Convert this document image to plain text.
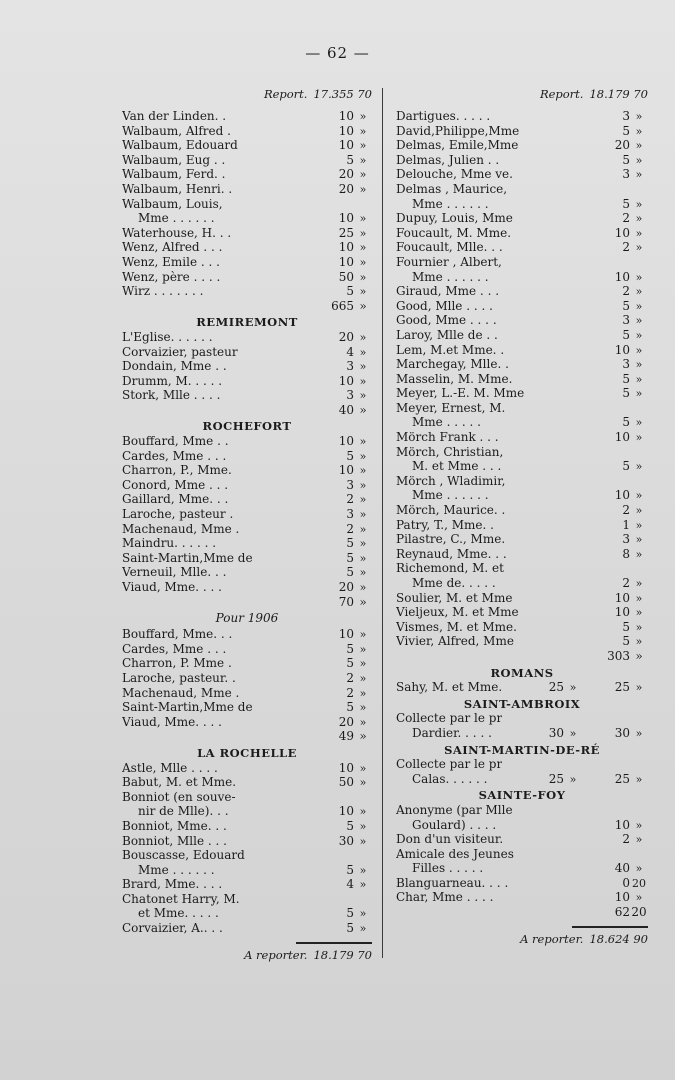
— 62 —
Report. 17.355 70
Van der Linden. .	10 »
Walbaum, Alfred .	10 »
Walbaum, Edouard	10 »
Walbaum, Eug . .	5 »
Walbaum, Ferd. .	20 »
Walbaum, Henri. .	20 »
Walbaum, Louis,
Mme . . . . . .	10 »
Waterhouse, H. . .	25 »
Wenz, Alfred . . .	10 »
Wenz, Emile . . .	10 »
Wenz, père . . . .	50 »
Wirz . . . . . . .	5 »
665 »
REMIREMONT
L'Eglise. . . . . .	20 »
Corvaizier, pasteur	4 »
Dondain, Mme . .	3 »
Drumm, M. . . . .	10 »
Stork, Mlle . . . .	3 »
40 »
ROCHEFORT
Bouffard, Mme . .	10 »
Cardes, Mme . . .	5 »
Charron, P., Mme.	10 »
Conord, Mme . . .	3 »
Gaillard, Mme. . .	2 »
Laroche, pasteur .	3 »
Machenaud, Mme .	2 »
Maindru. . . . . .	5 »
Saint-Martin,Mme de	5 »
Verneuil, Mlle. . .	5 »
Viaud, Mme. . . .	20 »
70 »
Pour 1906
Bouffard, Mme. . .	10 »
Cardes, Mme . . .	5 »
Charron, P. Mme .	5 »
Laroche, pasteur. .	2 »
Machenaud, Mme .	2 »
Saint-Martin,Mme de	5 »
Viaud, Mme. . . .	20 »
49 »
LA ROCHELLE
Astle, Mlle . . . .	10 »
Babut, M. et Mme.	50 »
Bonniot (en souve-
nir de Mlle). . .	10 »
Bonniot, Mme. . .	5 »
Bonniot, Mlle . . .	30 »
Bouscasse, Edouard
Mme . . . . . .	5 »
Brard, Mme. . . .	4 »
Chatonet Harry, M.
et Mme. . . . .	5 »
Corvaizier, A.. . .	5 »
A reporter. 18.179 70
Report. 18.179 70
Dartigues. . . . .	3 »
David,Philippe,Mme	5 »
Delmas, Emile,Mme	20 »
Delmas, Julien . .	5 »
Delouche, Mme ve.	3 »
Delmas , Maurice,
Mme . . . . . .	5 »
Dupuy, Louis, Mme	2 »
Foucault, M. Mme.	10 »
Foucault, Mlle. . .	2 »
Fournier , Albert,
Mme . . . . . .	10 »
Giraud, Mme . . .	2 »
Good, Mlle . . . .	5 »
Good, Mme . . . .	3 »
Laroy, Mlle de . .	5 »
Lem, M.et Mme. .	10 »
Marchegay, Mlle. .	3 »
Masselin, M. Mme.	5 »
Meyer, L.-E. M. Mme	5 »
Meyer, Ernest, M.
Mme . . . . .	5 »
Mörch Frank . . .	10 »
Mörch, Christian,
M. et Mme . . .	5 »
Mörch , Wladimir,
Mme . . . . . .	10 »
Mörch, Maurice. .	2 »
Patry, T., Mme. .	1 »
Pilastre, C., Mme.	3 »
Reynaud, Mme. . .	8 »
Richemond, M. et
Mme de. . . . .	2 »
Soulier, M. et Mme	10 »
Vieljeux, M. et Mme	10 »
Vismes, M. et Mme.	5 »
Vivier, Alfred, Mme	5 »
303 »
ROMANS
Sahy, M. et Mme.	25 »	25 »
SAINT-AMBROIX
Collecte par le pr
Dardier. . . . .	30 »	30 »
SAINT-MARTIN-DE-RÉ
Collecte par le pr
Calas. . . . . .	25 »	25 »
SAINTE-FOY
Anonyme (par Mlle
Goulard) . . . .	10 »
Don d'un visiteur.	2 »
Amicale des Jeunes
Filles . . . . .	40 »
Blanguarneau. . . .	0 20
Char, Mme . . . .	10 »
6220
A reporter. 18.624 90
